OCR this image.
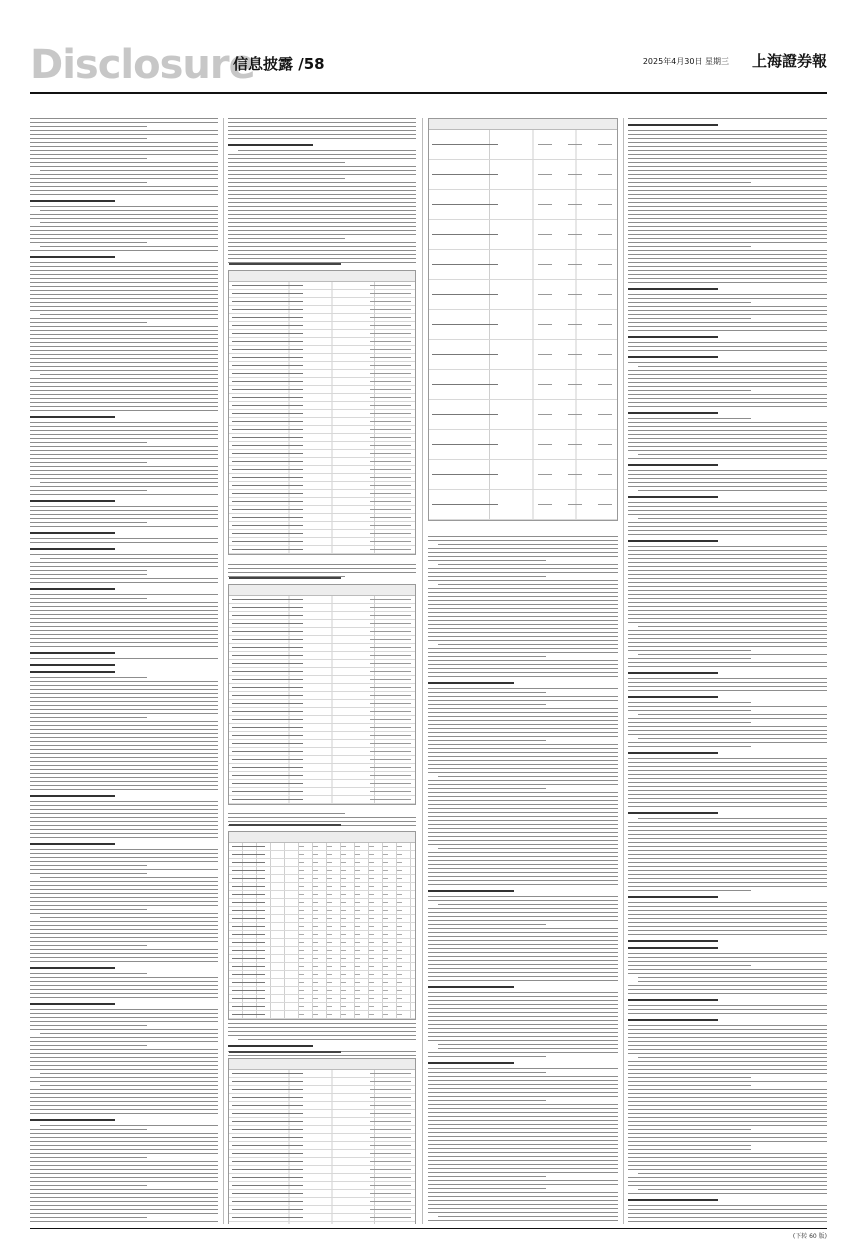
Disclosure
信息披露 /58	2025年4月30日 星期三 上海證券報
(下转 60 版)
